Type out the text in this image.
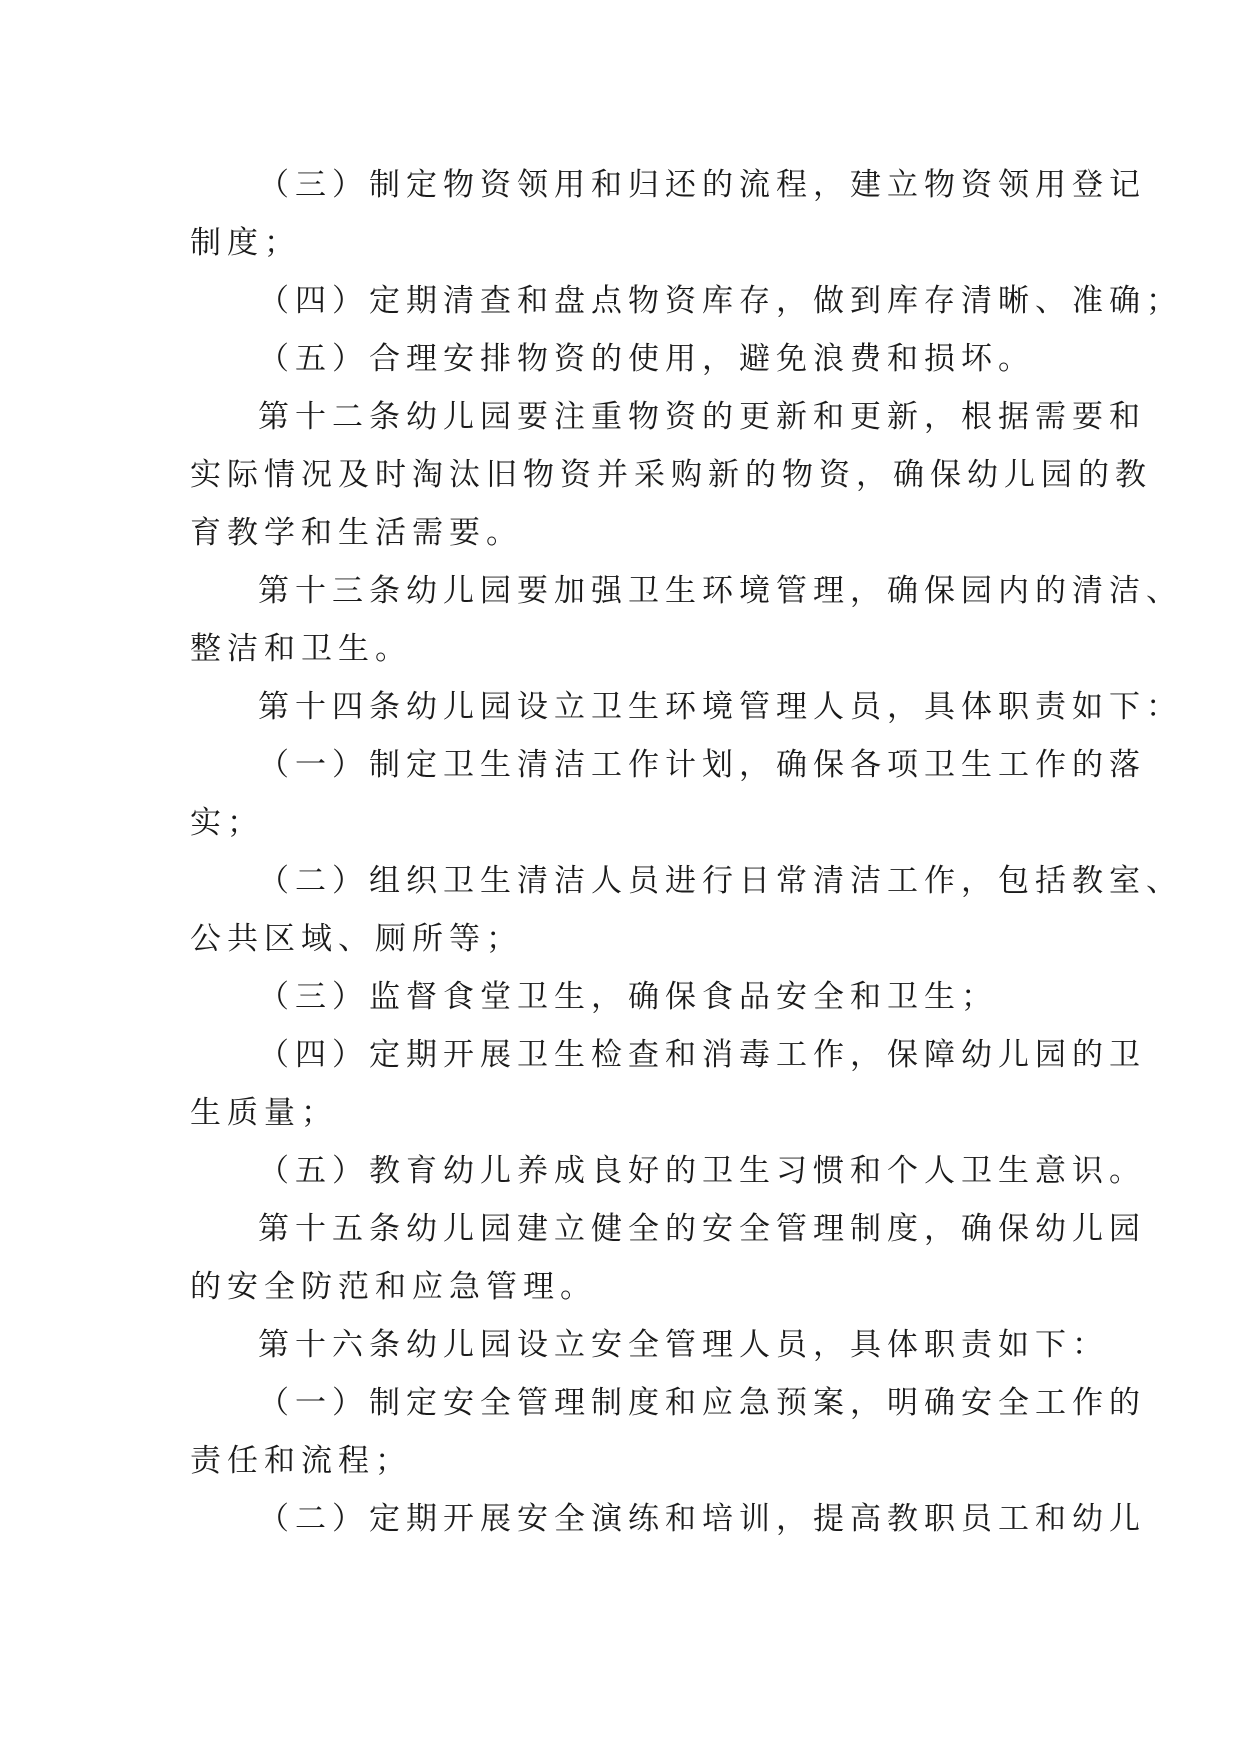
（三）制定物资领用和归还的流程，建立物资领用登记
制度；
（四）定期清查和盘点物资库存，做到库存清晰、准确；
（五）合理安排物资的使用，避免浪费和损坏。
第十二条幼儿园要注重物资的更新和更新，根据需要和
实际情况及时淘汰旧物资并采购新的物资，确保幼儿园的教
育教学和生活需要。
第十三条幼儿园要加强卫生环境管理，确保园内的清洁、
整洁和卫生。
第十四条幼儿园设立卫生环境管理人员，具体职责如下：
（一）制定卫生清洁工作计划，确保各项卫生工作的落
实；
（二）组织卫生清洁人员进行日常清洁工作，包括教室、
公共区域、厕所等；
（三）监督食堂卫生，确保食品安全和卫生；
（四）定期开展卫生检查和消毒工作，保障幼儿园的卫
生质量；
（五）教育幼儿养成良好的卫生习惯和个人卫生意识。
第十五条幼儿园建立健全的安全管理制度，确保幼儿园
的安全防范和应急管理。
第十六条幼儿园设立安全管理人员，具体职责如下：
（一）制定安全管理制度和应急预案，明确安全工作的
责任和流程；
（二）定期开展安全演练和培训，提高教职员工和幼儿
